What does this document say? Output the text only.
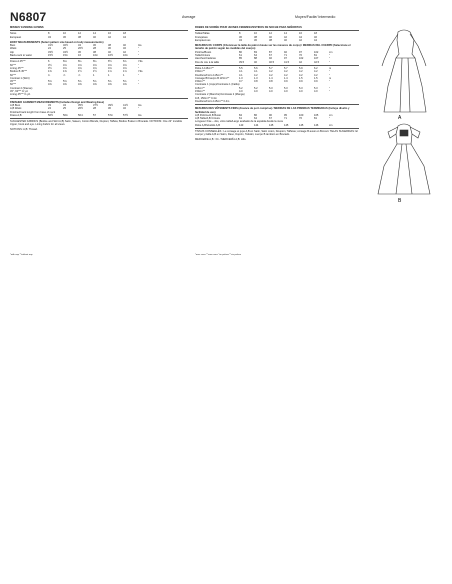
N6807	Average	Moyen/Facile/ Intermedio
MISSES' EVENING GOWNS
Sizes	8	10	12	14	16	18
European	34	36	38	40	42	44
BODY MEASUREMENTS (Select pattern size based on body measurements)
Bust	31½	32½	34	36	38	40	Ins.
Waist	24	25	26½	28	30	32	"
Hip	33½	34½	36	38	40	42	"
Back-neck to waist	15½	15¾	16	16¼	16½	16¾	"
Dress A 45"**	6	6⅛	6¼	6¼	6½	6¾	Yds.
60"**	4½	4⅝	4⅝	4⅝	4⅝	4⅝	"
Lining 45"**	4½	4⅝	4⅝	4⅝	4⅝	4⅝	"
Bodice B 45"**	1⅜	1⅜	1½	1½	1⅝	1⅝	Yds.
60"**	¾	⅞	⅞	1	1	1	"
Contrast 1 (Skirt)
45"**	5⅝	5⅝	5¾	5¾	5¾	5¾	"
60"**	4⅜	4⅜	4⅜	4⅜	4⅜	4⅜	"
Contrast 2 (Sleeve)
45", 60"** ⅜ yd.
Lining 45"** ⅜ yd.
FINISHED GARMENT MEASUREMENTS (Includes Design and Wearing Ease)
A,B Bust	33	34	35½	37½	39½	41½	Ins.
A,B Waist	24	25	26½	28	30	32	"
Finished back length from base of neck
Dress A,B	56½	56¾	56⅞	57	57¼	57½	Ins.
SUGGESTED FABRICS (Bodice and Skirt A,B) Satin, Sateen, Cotton Blends, Dupioni, Taffeta; Bodice B also in Brocade. NOTIONS: One 22" invisible zipper, hook and eye. Lining Fabric for all views.
NOTIONS: A,B: Thread.
ROBES DE SOIRÉE POUR JEUNES FEMMES/VESTIDOS DE NOCHE PARA SEÑORITAS
Tailles/Tallas	8	10	12	14	16	18
Françaises	36	38	40	42	44	46
Européennes	34	36	38	40	42	44
MESURES DU CORPS (Choisissez la taille du patron basée sur les mesures du corps) / MEDIDAS DEL CUERPO (Seleccione el tamaño de patrón según las medidas del cuerpo)
Poitrine/Busto	80	83	87	92	97	102	cm
Taille/Cintura	61	64	67	71	76	81	"
Hanches/Caderas	85	88	92	97	102	107	"
Dos du cou à la taille	39.5	40	40.5	41.5	42	42.5	"
Robe A 115cm**	5.5	5.6	5.7	5.7	5.9	6.2	m
150cm**	4.1	4.1	4.2	4.2	4.2	4.2	"
Doublure/Forro 115cm**	4.1	4.2	4.2	4.2	4.2	4.2	"
Corsage B/Cuerpo B 115cm**	1.3	1.3	1.4	1.4	1.5	1.5	m
150cm**	0.7	0.8	0.8	0.9	0.9	0.9	"
Contraste 1 (Jupe)/Contraste 1 (Falda)
115cm**	5.2	5.2	5.3	5.3	5.3	5.3	"
150cm**	4.0	4.0	4.0	4.0	4.0	4.0	"
Contraste 2 (Manche)/Contraste 2 (Manga)
115, 150cm** 0.4m
Doublure/Forro 115cm** 0.4m
MESURES DES VÊTEMENTS FINIS (Aisance de port comprise) / MEDIDAS DE LAS PRENDAS TERMINADAS (Incluye diseño y facilidad de uso)
A,B Poitrine/A,B Busto	84	86	90	95	100	105	cm
A,B Taille/A,B Cintura	61	64	67	71	76	81	"
Longueur finie – dos, votre taille/Largo acabado de la espalda desde la nuca
Robe A,B/Vestido A,B	143	144	145	145	145	146	cm
TISSUS CONSEILLÉS : Le corsage et jupe A,B en Satin, Satin coton, Doupion, Taffetas; corsage B aussi en Brocart. TELAS SUGERIDAS: El cuerpo y falda A,B en Satín, Raso, Dupión, Tafetán; cuerpo B también en Brocado.
MERCERIE A,B : Fil. / MERCERÍA A,B: Hilo.
*with nap **without nap	*avec sens **sans sens *en pelusa **sin pelusa
A
B
